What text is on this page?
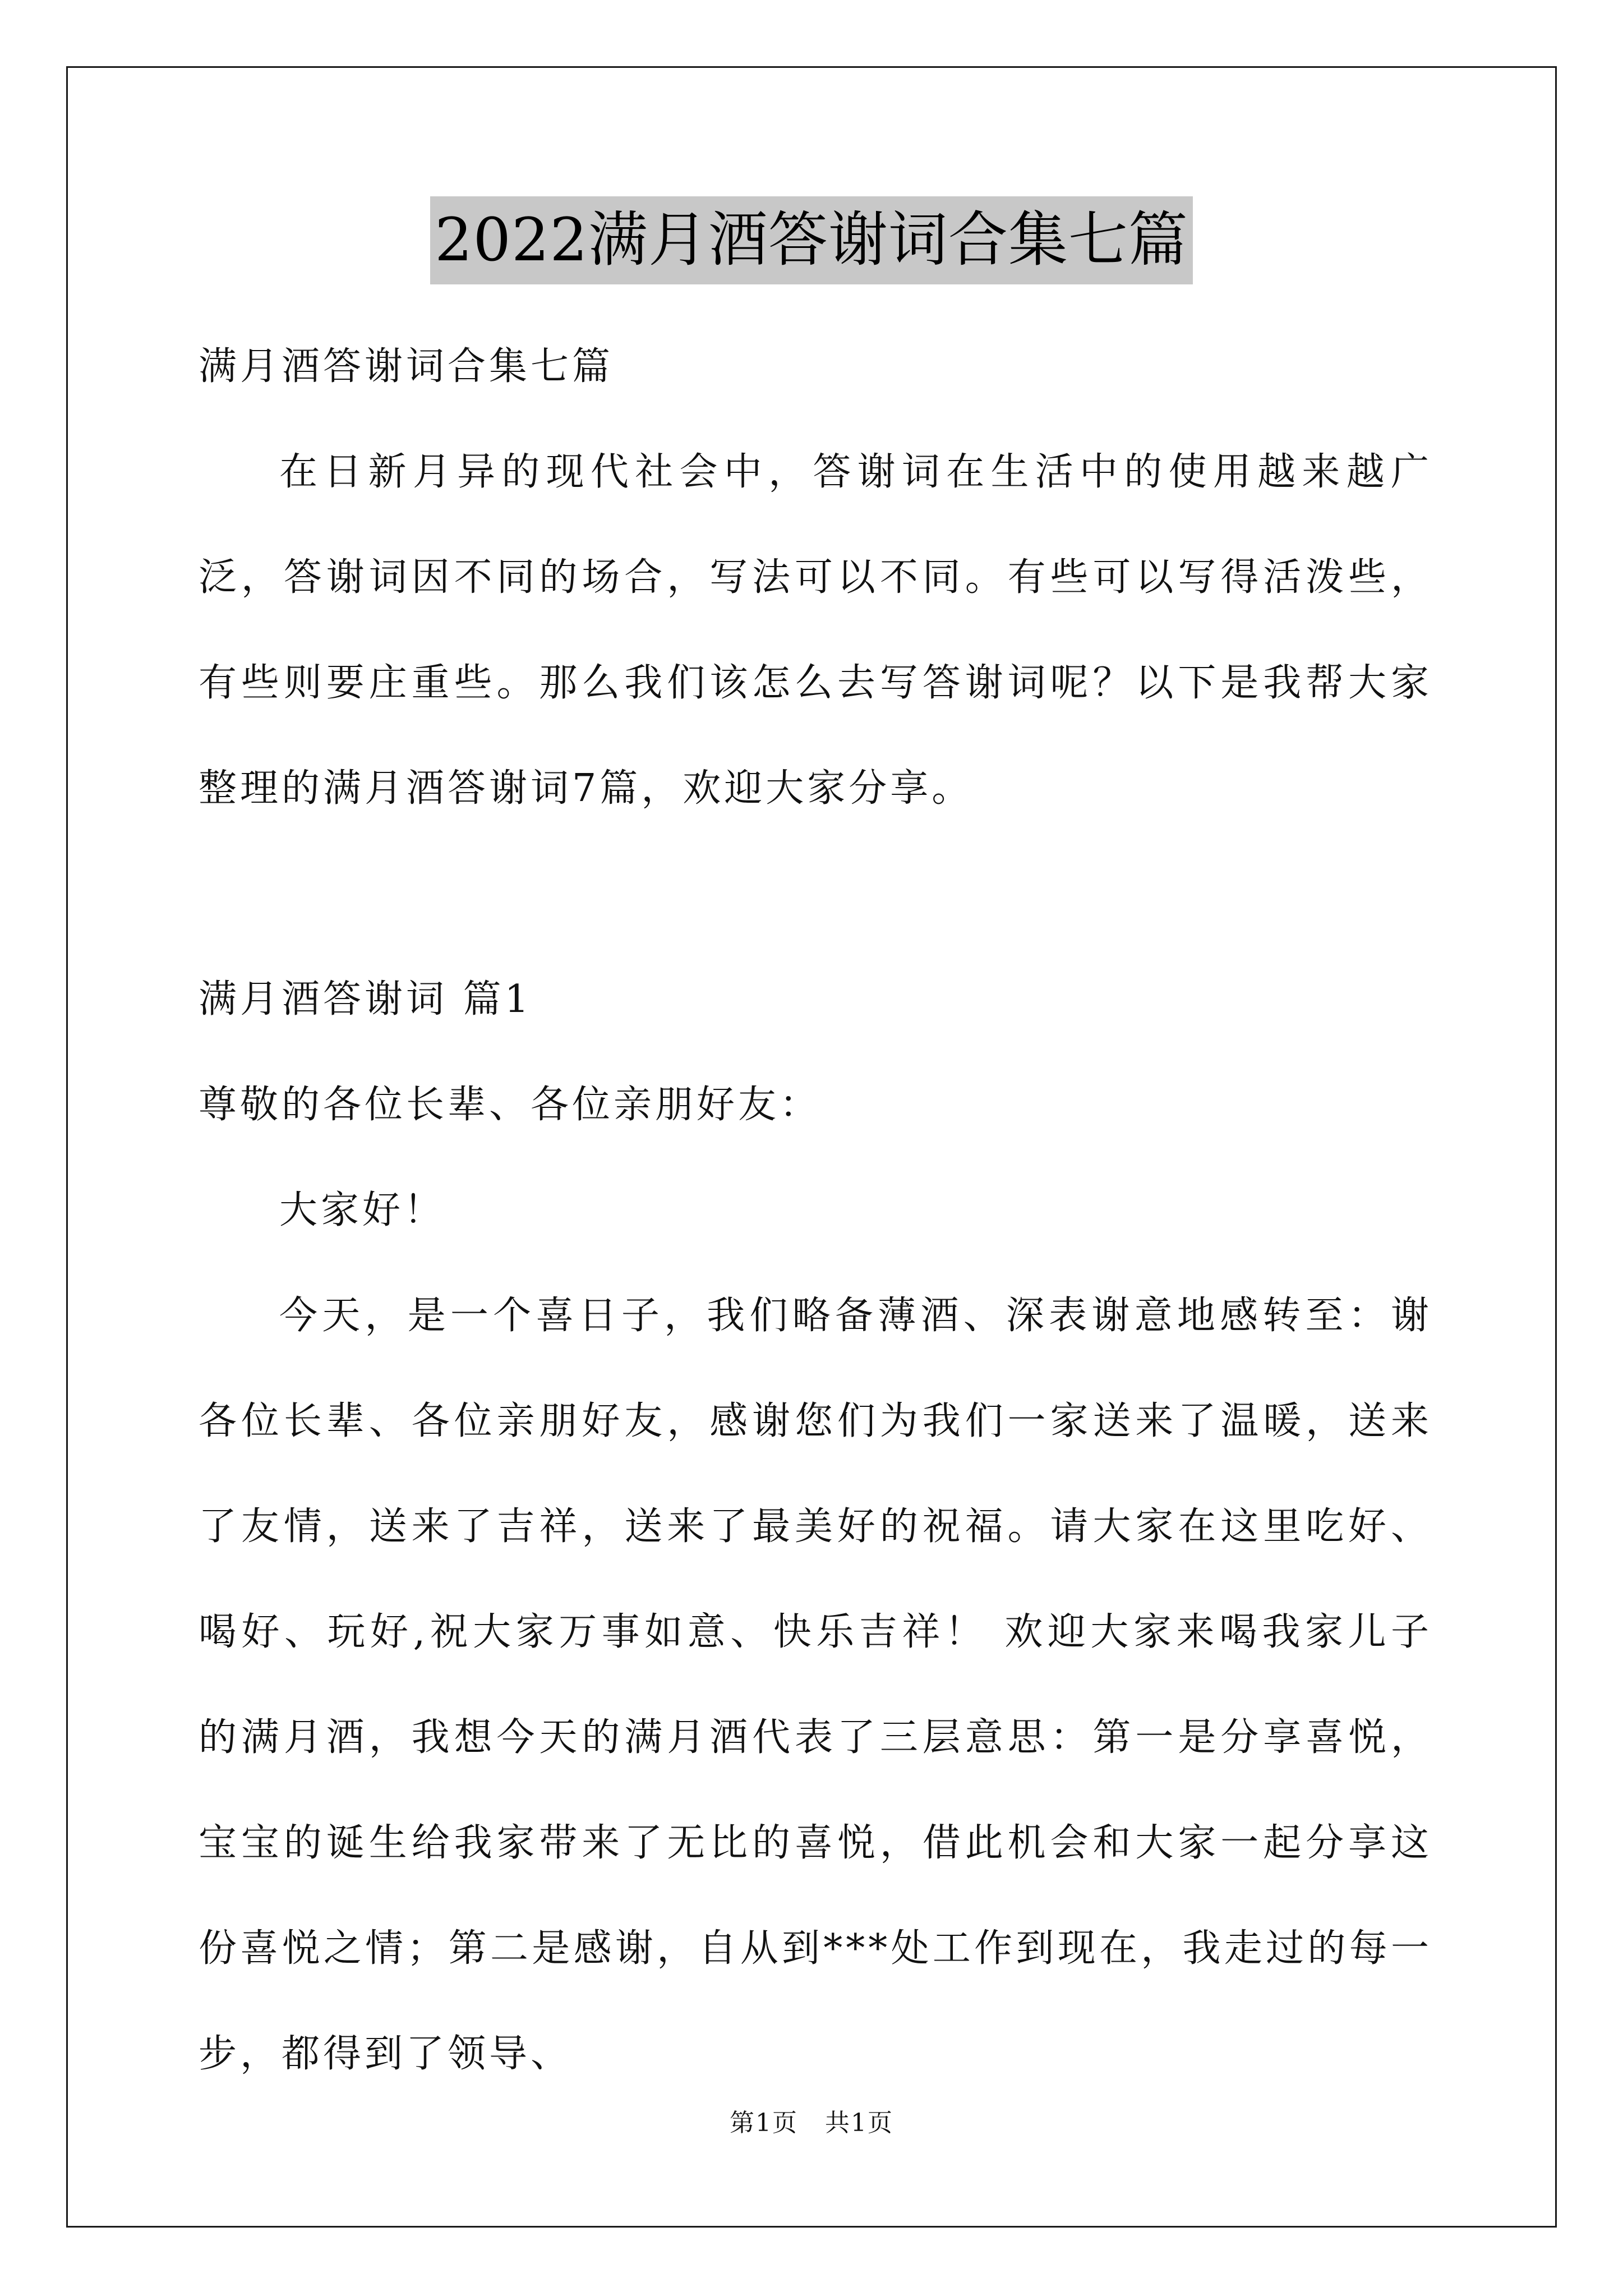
2022满月酒答谢词合集七篇

满月酒答谢词合集七篇

在日新月异的现代社会中，答谢词在生活中的使用越来越广泛，答谢词因不同的场合，写法可以不同。有些可以写得活泼些，有些则要庄重些。那么我们该怎么去写答谢词呢？以下是我帮大家整理的满月酒答谢词7篇，欢迎大家分享。

满月酒答谢词 篇1

尊敬的各位长辈、各位亲朋好友：

大家好！

今天，是一个喜日子，我们略备薄酒、深表谢意地感转至：谢各位长辈、各位亲朋好友，感谢您们为我们一家送来了温暖，送来了友情，送来了吉祥，送来了最美好的祝福。请大家在这里吃好、喝好、玩好,祝大家万事如意、快乐吉祥！ 欢迎大家来喝我家儿子的满月酒，我想今天的满月酒代表了三层意思：第一是分享喜悦，宝宝的诞生给我家带来了无比的喜悦，借此机会和大家一起分享这份喜悦之情；第二是感谢，自从到***处工作到现在，我走过的每一步，都得到了领导、

第1页 共1页
